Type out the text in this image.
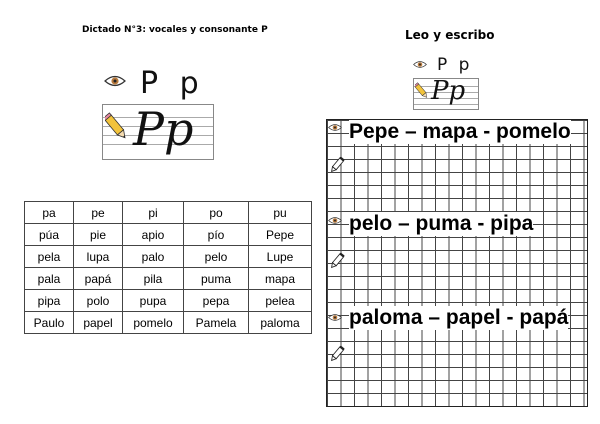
Dictado N°3: vocales y consonante P	Leo y escribo
P p
Pp
pa	pe	pi	po	pu
púa	pie	apio	pío	Pepe
pela	lupa	palo	pelo	Lupe
pala	papá	pila	puma	mapa
pipa	polo	pupa	pepa	pelea
Paulo	papel	pomelo	Pamela	paloma
P p
Pp
Pepe – mapa - pomelo
pelo – puma - pipa
paloma – papel - papá
